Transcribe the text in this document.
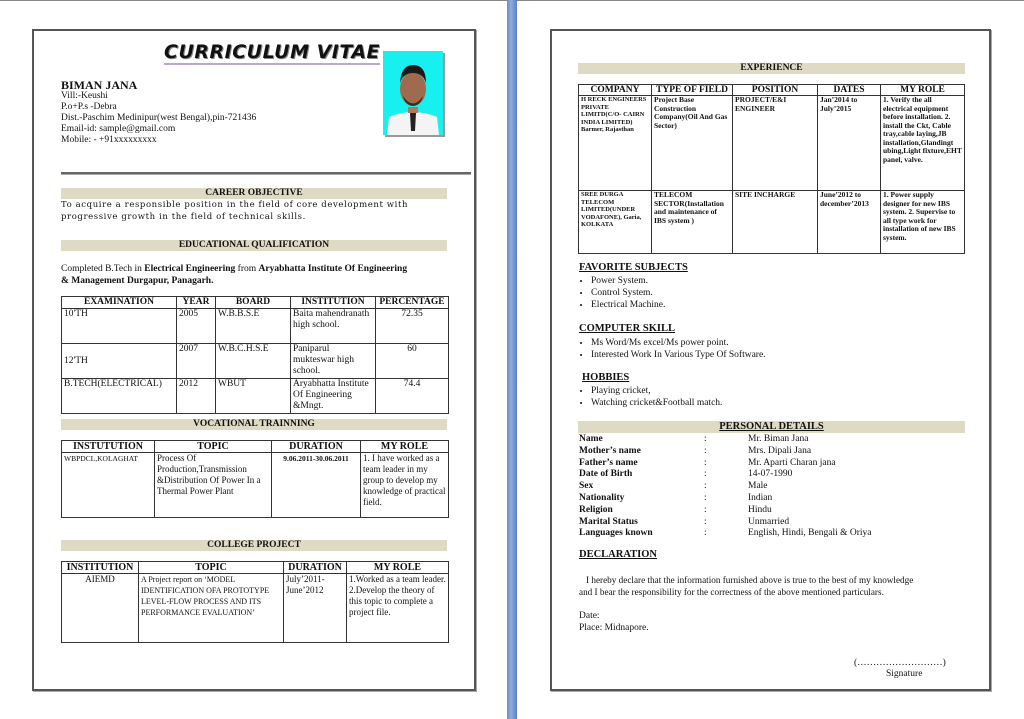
CURRICULUM VITAE
BIMAN JANA
Vill:-Keushi
P.o+P.s -Debra
Dist.-Paschim Medinipur(west Bengal),pin-721436
Email-id: sample@gmail.com
Mobile: - +91xxxxxxxxx
CAREER OBJECTIVE
To acquire a responsible position in the field of core development with
progressive growth in the field of technical skills.
EDUCATIONAL QUALIFICATION
Completed B.Tech in Electrical Engineering from Aryabhatta Institute Of Engineering
& Management Durgapur, Panagarh.
EXAMINATION	YEAR	BOARD	INSTITUTION	PERCENTAGE
10'TH	2005	W.B.B.S.E	Baita mahendranath high school.	72.35
12'TH	2007	W.B.C.H.S.E	Paniparul mukteswar high school.	60
B.TECH(ELECTRICAL)	2012	WBUT	Aryabhatta Institute Of Engineering &Mngt.	74.4
VOCATIONAL TRAINNING
INSTUTUTION	TOPIC	DURATION	MY ROLE
WBPDCL,KOLAGHAT	Process Of Production,Transmission &Distribution Of Power In a Thermal Power Plant	9.06.2011-30.06.2011	1. I have worked as a team leader in my group to develop my knowledge of practical field.
COLLEGE PROJECT
INSTITUTION	TOPIC	DURATION	MY ROLE
AIEMD	A Project report on ‘MODEL IDENTIFICATION OFA PROTOTYPE LEVEL-FLOW PROCESS AND ITS PERFORMANCE EVALUATION’	July’2011-June’2012	1.Worked as a team leader. 2.Develop the theory of this topic to complete a project file.
EXPERIENCE
COMPANY	TYPE OF FIELD	POSITION	DATES	MY ROLE
H RECK ENGINEERS PRIVATE LIMITD(C/O- CAIRN INDIA LIMITED) Barmer, Rajasthan	Project Base Construction Company(Oil And Gas Sector)	PROJECT/E&I ENGINEER	Jan’2014 to July’2015	1. Verify the all electrical equipment before installation. 2. install the Ckt, Cable tray,cable laying,JB installation,Glandingt ubing,Light fixture,EHT panel, valve.
SREE DURGA TELECOM LIMITED(UNDER VODAFONE), Garia, KOLKATA	TELECOM SECTOR(Installation and maintenance of IBS system )	SITE INCHARGE	June’2012 to december’2013	1. Power supply designer for new IBS system. 2. Supervise to all type work for installation of new IBS system.
FAVORITE SUBJECTS
• Power System.
• Control System.
• Electrical Machine.
COMPUTER SKILL
• Ms Word/Ms excel/Ms power point.
• Interested Work In Various Type Of Software.
HOBBIES
• Playing cricket,
• Watching cricket&Football match.
PERSONAL DETAILS
Name	:	Mr. Biman Jana
Mother’s name	:	Mrs. Dipali Jana
Father’s name	:	Mr. Aparti Charan jana
Date of Birth	:	14-07-1990
Sex	:	Male
Nationality	:	Indian
Religion	:	Hindu
Marital Status	:	Unmarried
Languages known	:	English, Hindi, Bengali & Oriya
DECLARATION
I hereby declare that the information furnished above is true to the best of my knowledge
and I bear the responsibility for the correctness of the above mentioned particulars.
Date:
Place: Midnapore.
(………………………)
Signature
